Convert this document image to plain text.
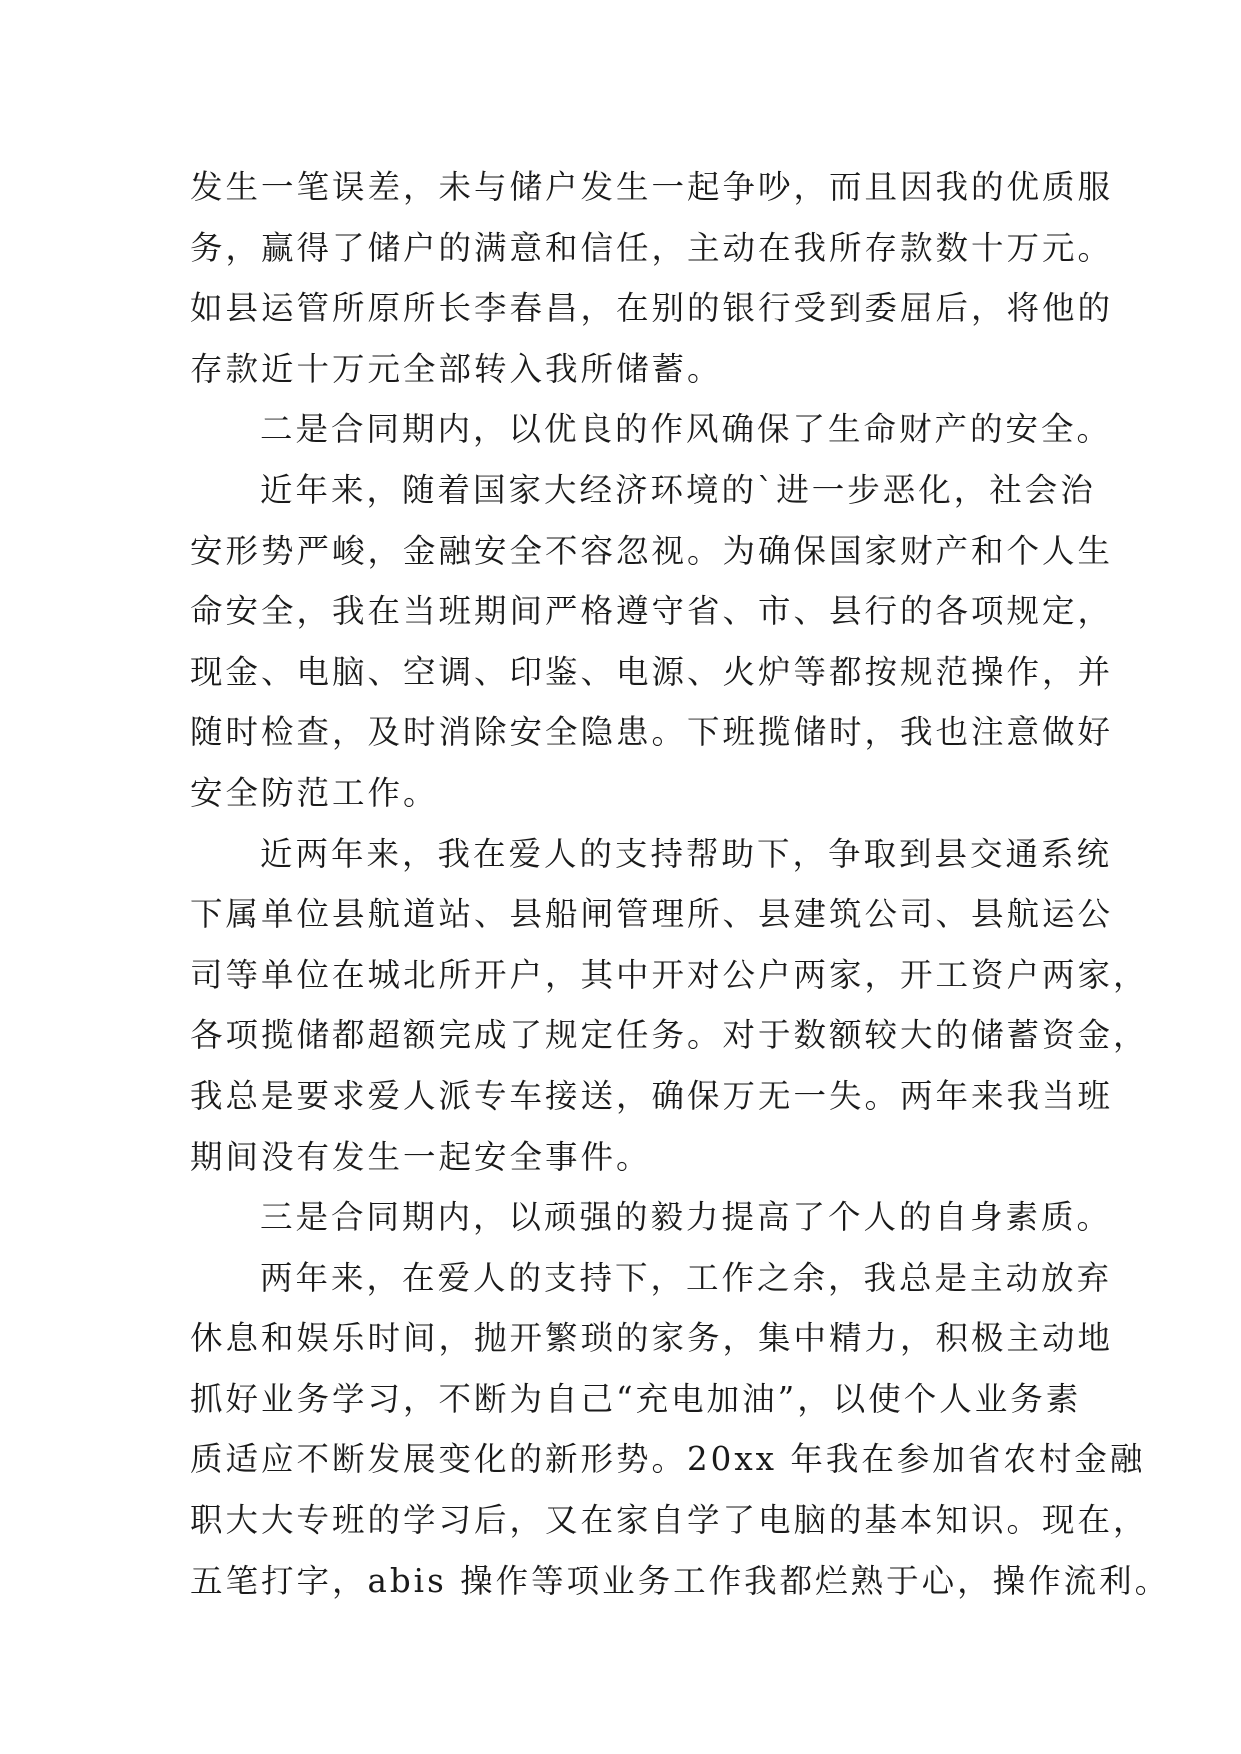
发生一笔误差，未与储户发生一起争吵，而且因我的优质服
务，赢得了储户的满意和信任，主动在我所存款数十万元。
如县运管所原所长李春昌，在别的银行受到委屈后，将他的
存款近十万元全部转入我所储蓄。
二是合同期内，以优良的作风确保了生命财产的安全。
近年来，随着国家大经济环境的`进一步恶化，社会治
安形势严峻，金融安全不容忽视。为确保国家财产和个人生
命安全，我在当班期间严格遵守省、市、县行的各项规定，
现金、电脑、空调、印鉴、电源、火炉等都按规范操作，并
随时检查，及时消除安全隐患。下班揽储时，我也注意做好
安全防范工作。
近两年来，我在爱人的支持帮助下，争取到县交通系统
下属单位县航道站、县船闸管理所、县建筑公司、县航运公
司等单位在城北所开户，其中开对公户两家，开工资户两家，
各项揽储都超额完成了规定任务。对于数额较大的储蓄资金，
我总是要求爱人派专车接送，确保万无一失。两年来我当班
期间没有发生一起安全事件。
三是合同期内，以顽强的毅力提高了个人的自身素质。
两年来，在爱人的支持下，工作之余，我总是主动放弃
休息和娱乐时间，抛开繁琐的家务，集中精力，积极主动地
抓好业务学习，不断为自己“充电加油”，以使个人业务素
质适应不断发展变化的新形势。20xx 年我在参加省农村金融
职大大专班的学习后，又在家自学了电脑的基本知识。现在，
五笔打字，abis 操作等项业务工作我都烂熟于心，操作流利。
